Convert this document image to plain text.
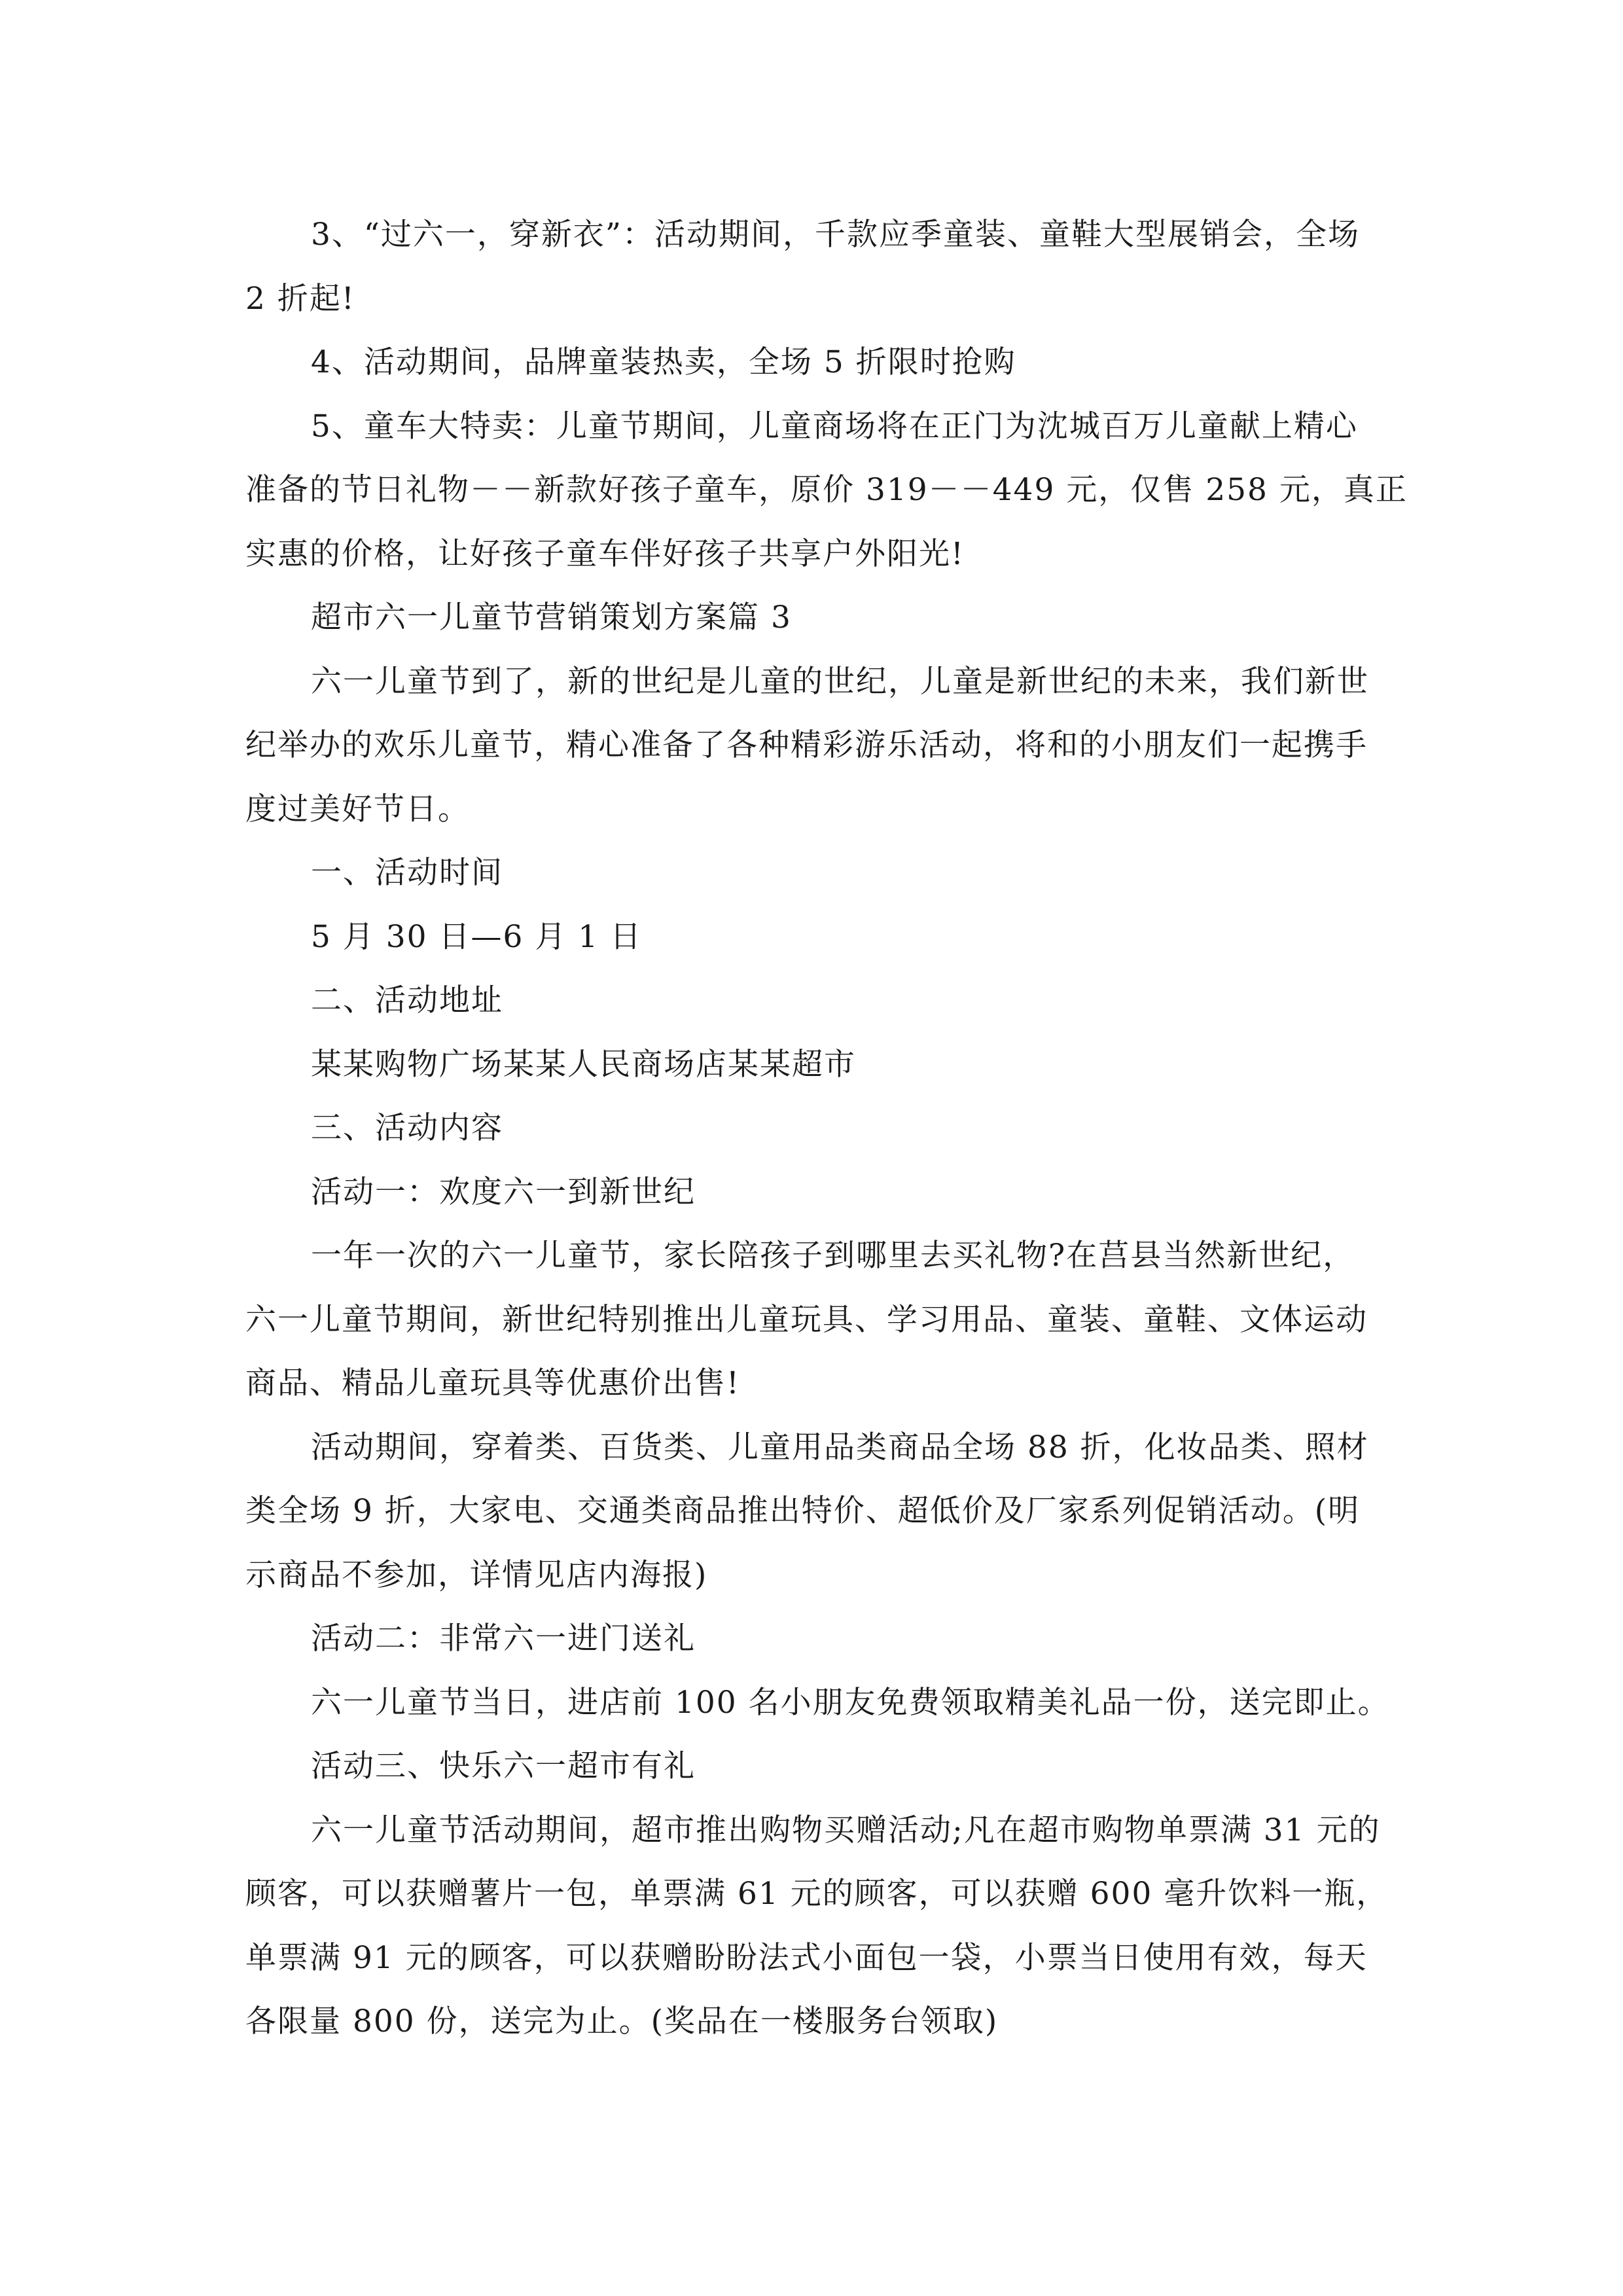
3、“过六一，穿新衣”：活动期间，千款应季童装、童鞋大型展销会，全场
2 折起!
4、活动期间，品牌童装热卖，全场 5 折限时抢购
5、童车大特卖：儿童节期间，儿童商场将在正门为沈城百万儿童献上精心
准备的节日礼物－－新款好孩子童车，原价 319－－449 元，仅售 258 元，真正
实惠的价格，让好孩子童车伴好孩子共享户外阳光!
超市六一儿童节营销策划方案篇 3
六一儿童节到了，新的世纪是儿童的世纪，儿童是新世纪的未来，我们新世
纪举办的欢乐儿童节，精心准备了各种精彩游乐活动，将和的小朋友们一起携手
度过美好节日。
一、活动时间
5 月 30 日—6 月 1 日
二、活动地址
某某购物广场某某人民商场店某某超市
三、活动内容
活动一：欢度六一到新世纪
一年一次的六一儿童节，家长陪孩子到哪里去买礼物?在莒县当然新世纪，
六一儿童节期间，新世纪特别推出儿童玩具、学习用品、童装、童鞋、文体运动
商品、精品儿童玩具等优惠价出售!
活动期间，穿着类、百货类、儿童用品类商品全场 88 折，化妆品类、照材
类全场 9 折，大家电、交通类商品推出特价、超低价及厂家系列促销活动。(明
示商品不参加，详情见店内海报)
活动二：非常六一进门送礼
六一儿童节当日，进店前 100 名小朋友免费领取精美礼品一份，送完即止。
活动三、快乐六一超市有礼
六一儿童节活动期间，超市推出购物买赠活动;凡在超市购物单票满 31 元的
顾客，可以获赠薯片一包，单票满 61 元的顾客，可以获赠 600 毫升饮料一瓶，
单票满 91 元的顾客，可以获赠盼盼法式小面包一袋，小票当日使用有效，每天
各限量 800 份，送完为止。(奖品在一楼服务台领取)
